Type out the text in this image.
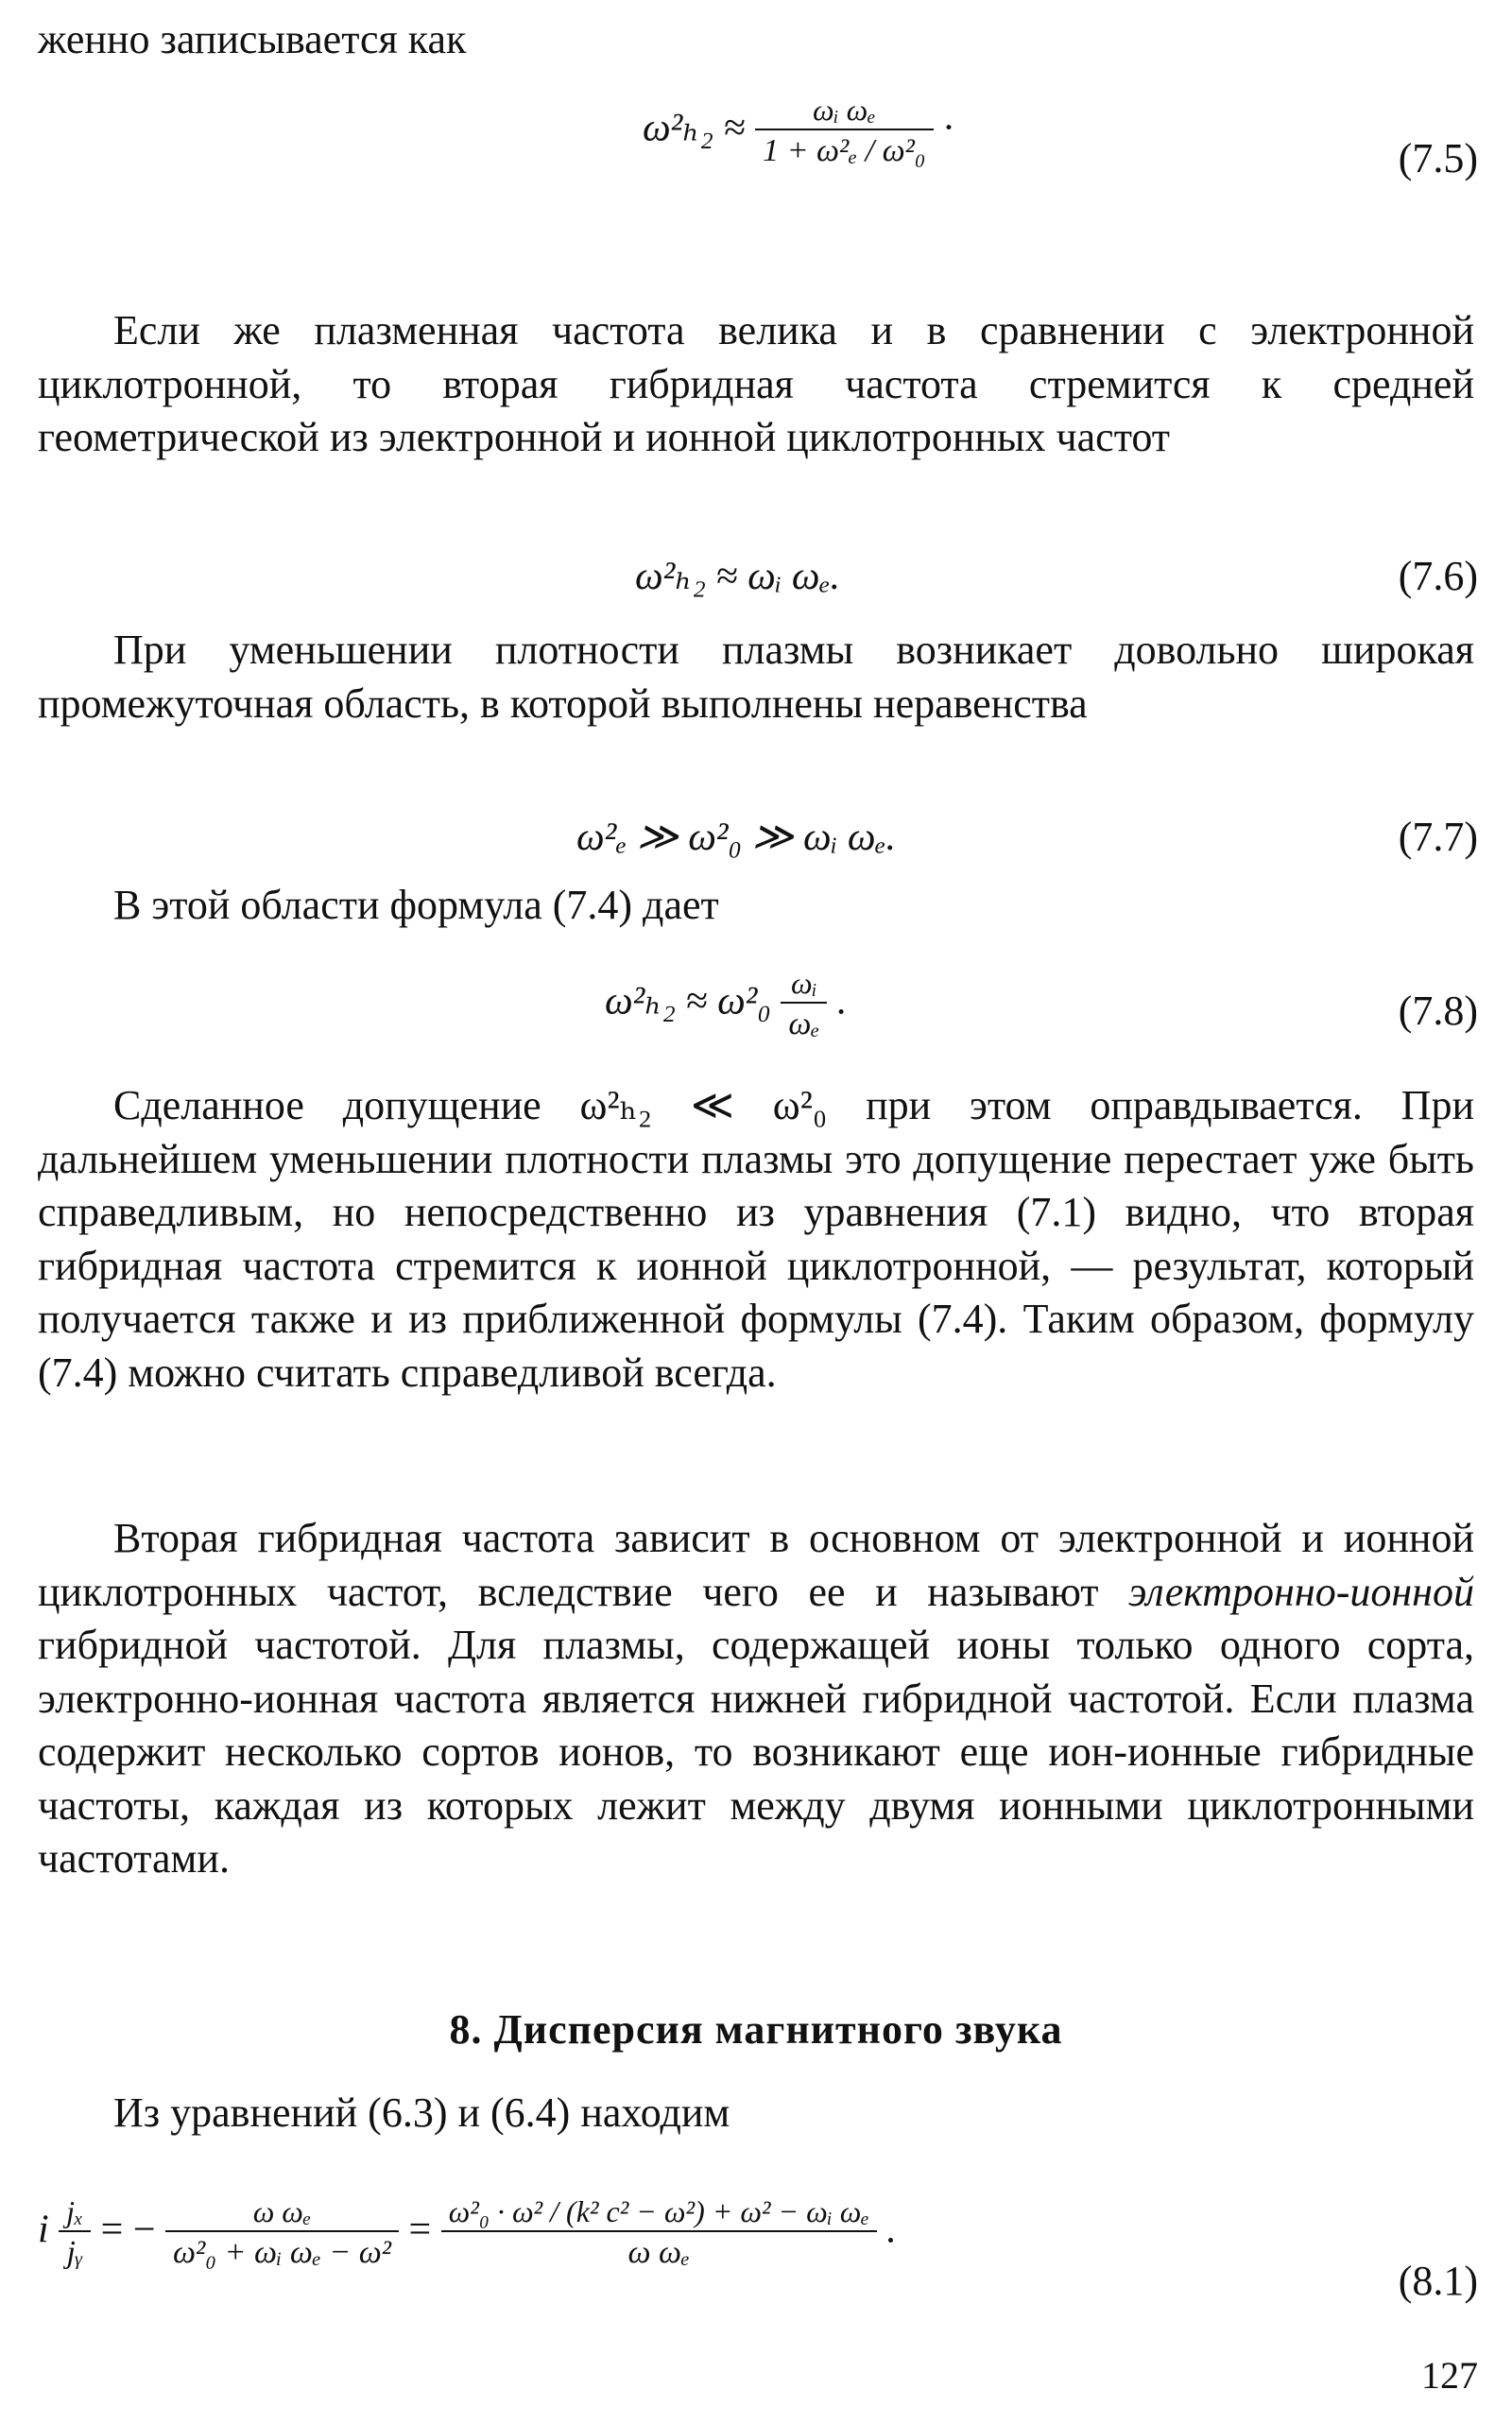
женно записывается как
$\omega^2_{h2} \approx \frac{\text{ωᵢ ωₑ}}{\text{1 + ω²ₑ / ω²₀}}$ ·
(7.5)

Если же плазменная частота велика и в сравнении с электронной циклотронной, то вторая гибридная частота стремится к средней геометрической из электронной и ионной циклотронных частот

ω²ₕ₂ ≈ ωᵢ ωₑ.	(7.6)

При уменьшении плотности плазмы возникает довольно широкая промежуточная область, в которой выполнены неравенства

ω²ₑ ≫ ω²₀ ≫ ωᵢ ωₑ.	(7.7)
В этой области формула (7.4) дает
$\omega^2_{h2} \approx \omega^2_0 \frac{\text{ωᵢ}}{\text{ωₑ}}$ .	(7.8)

Сделанное допущение ω²ₕ₂ ≪ ω²₀ при этом оправдывается. При дальнейшем уменьшении плотности плазмы это допущение перестает уже быть справедливым, но непосредственно из уравнения (7.1) видно, что вторая гибридная частота стремится к ионной циклотронной, — результат, который получается также и из приближенной формулы (7.4). Таким образом, формулу (7.4) можно считать справедливой всегда.

Вторая гибридная частота зависит в основном от электронной и ионной циклотронных частот, вследствие чего ее и называют электронно-ионной гибридной частотой. Для плазмы, содержащей ионы только одного сорта, электронно-ионная частота является нижней гибридной частотой. Если плазма содержит несколько сортов ионов, то возникают еще ион-ионные гибридные частоты, каждая из которых лежит между двумя ионными циклотронными частотами.

8. Дисперсия магнитного звука
Из уравнений (6.3) и (6.4) находим
i $\frac{\text{jₓ}}{\text{jᵧ}}$ = − $\frac{\text{ω ωₑ}}{\text{ω²₀ + ωᵢ ωₑ − ω²}} = \frac{\text{ω²₀ · ω² / (k² c² − ω²) + ω² − ωᵢ ωₑ}}{\text{ω ωₑ}}$ .
(8.1)
127
